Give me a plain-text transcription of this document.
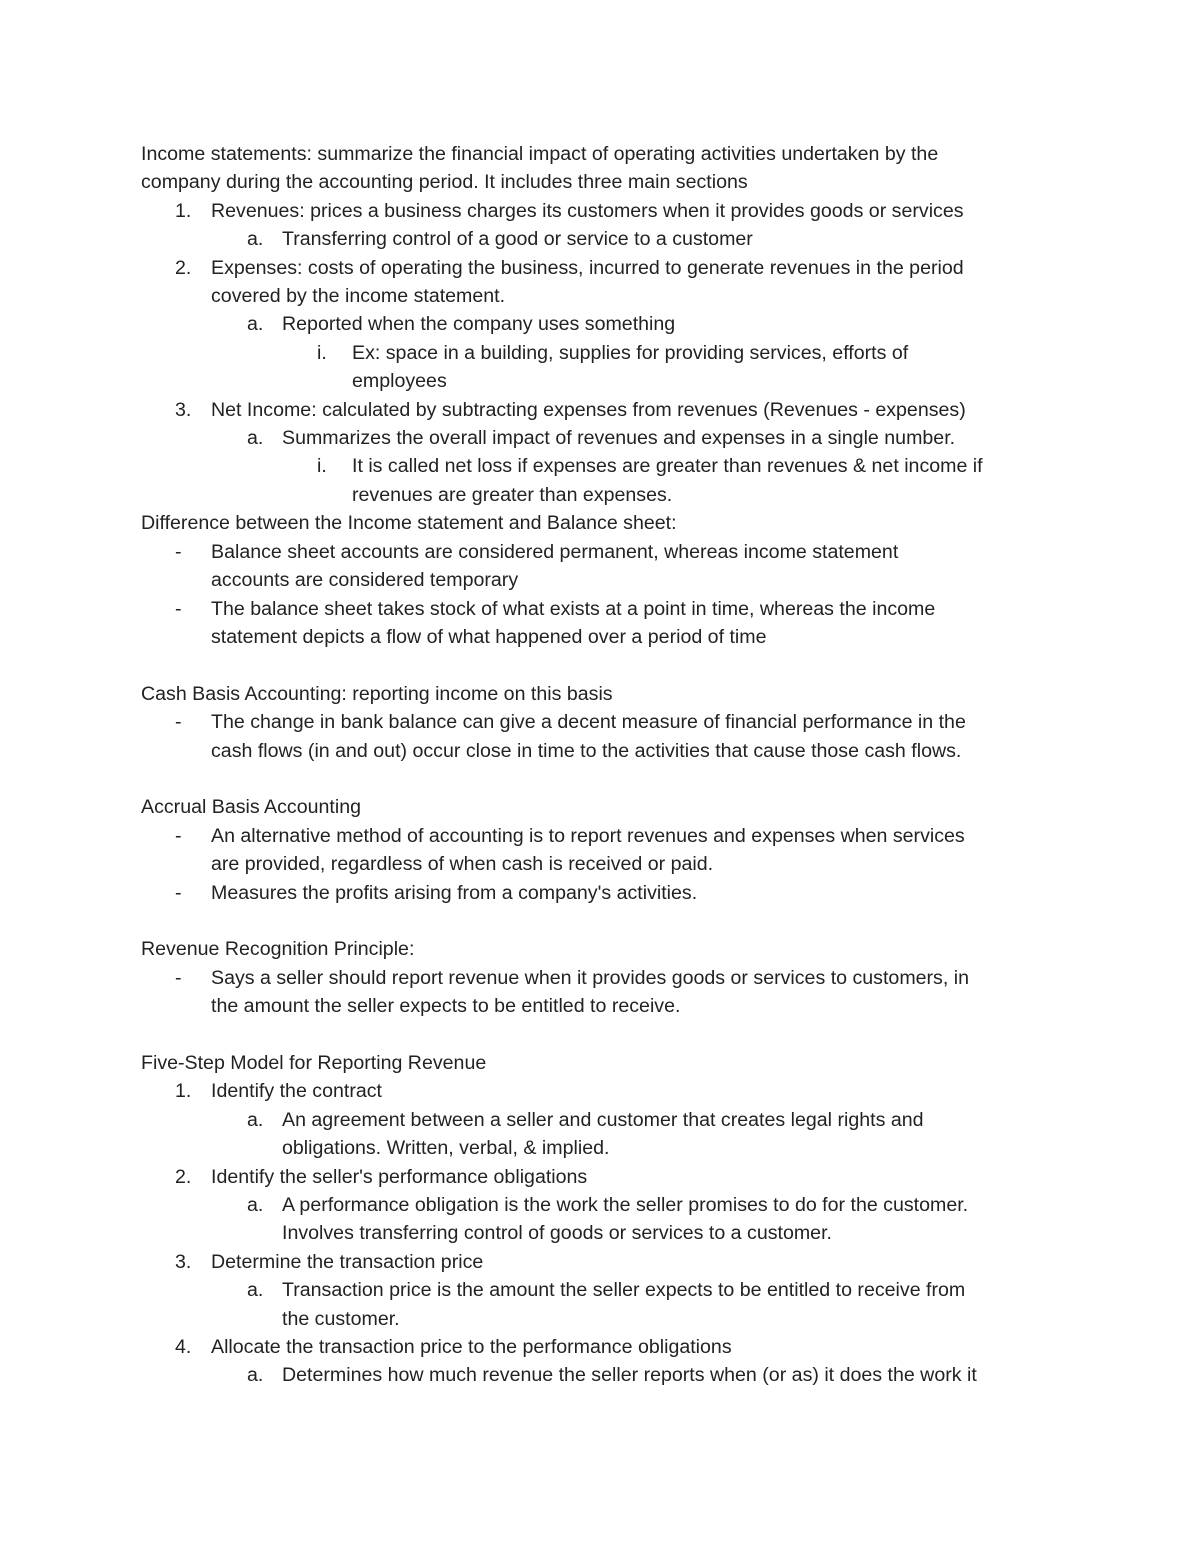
Income statements: summarize the financial impact of operating activities undertaken by the
company during the accounting period. It includes three main sections
1. Revenues: prices a business charges its customers when it provides goods or services
a. Transferring control of a good or service to a customer
2. Expenses: costs of operating the business, incurred to generate revenues in the period
covered by the income statement.
a. Reported when the company uses something
i. Ex: space in a building, supplies for providing services, efforts of
employees
3. Net Income: calculated by subtracting expenses from revenues (Revenues - expenses)
a. Summarizes the overall impact of revenues and expenses in a single number.
i. It is called net loss if expenses are greater than revenues & net income if
revenues are greater than expenses.
Difference between the Income statement and Balance sheet:
- Balance sheet accounts are considered permanent, whereas income statement
accounts are considered temporary
- The balance sheet takes stock of what exists at a point in time, whereas the income
statement depicts a flow of what happened over a period of time
Cash Basis Accounting: reporting income on this basis
- The change in bank balance can give a decent measure of financial performance in the
cash flows (in and out) occur close in time to the activities that cause those cash flows.
Accrual Basis Accounting
- An alternative method of accounting is to report revenues and expenses when services
are provided, regardless of when cash is received or paid.
- Measures the profits arising from a company's activities.
Revenue Recognition Principle:
- Says a seller should report revenue when it provides goods or services to customers, in
the amount the seller expects to be entitled to receive.
Five-Step Model for Reporting Revenue
1. Identify the contract
a. An agreement between a seller and customer that creates legal rights and
obligations. Written, verbal, & implied.
2. Identify the seller's performance obligations
a. A performance obligation is the work the seller promises to do for the customer.
Involves transferring control of goods or services to a customer.
3. Determine the transaction price
a. Transaction price is the amount the seller expects to be entitled to receive from
the customer.
4. Allocate the transaction price to the performance obligations
a. Determines how much revenue the seller reports when (or as) it does the work it
